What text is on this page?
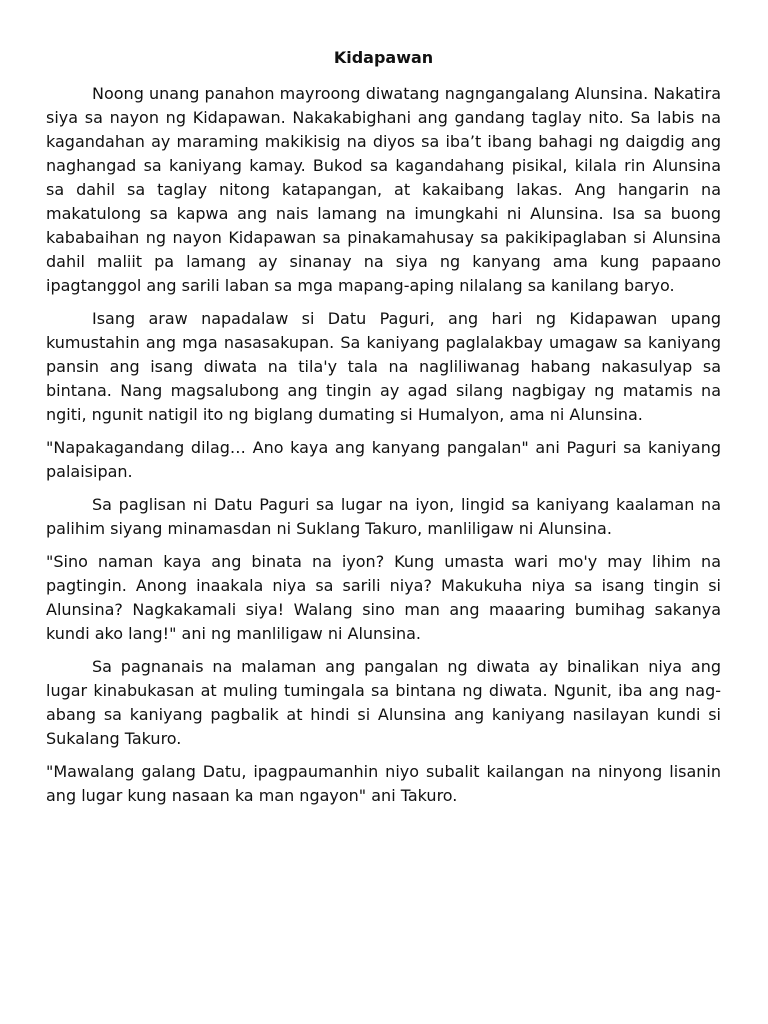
Kidapawan

Noong unang panahon mayroong diwatang nagngangalang Alunsina. Nakatira siya sa nayon ng Kidapawan. Nakakabighani ang gandang taglay nito. Sa labis na kagandahan ay maraming makikisig na diyos sa iba’t ibang bahagi ng daigdig ang naghangad sa kaniyang kamay. Bukod sa kagandahang pisikal, kilala rin Alunsina sa dahil sa taglay nitong katapangan, at kakaibang lakas. Ang hangarin na makatulong sa kapwa ang nais lamang na imungkahi ni Alunsina. Isa sa buong kababaihan ng nayon Kidapawan sa pinakamahusay sa pakikipaglaban si Alunsina dahil maliit pa lamang ay sinanay na siya ng kanyang ama kung papaano ipagtanggol ang sarili laban sa mga mapang-aping nilalang sa kanilang baryo.

Isang araw napadalaw si Datu Paguri, ang hari ng Kidapawan upang kumustahin ang mga nasasakupan. Sa kaniyang paglalakbay umagaw sa kaniyang pansin ang isang diwata na tila'y tala na nagliliwanag habang nakasulyap sa bintana. Nang magsalubong ang tingin ay agad silang nagbigay ng matamis na ngiti, ngunit natigil ito ng biglang dumating si Humalyon, ama ni Alunsina.

"Napakagandang dilag… Ano kaya ang kanyang pangalan" ani Paguri sa kaniyang palaisipan.

Sa paglisan ni Datu Paguri sa lugar na iyon, lingid sa kaniyang kaalaman na palihim siyang minamasdan ni Suklang Takuro, manliligaw ni Alunsina.

"Sino naman kaya ang binata na iyon? Kung umasta wari mo'y may lihim na pagtingin. Anong inaakala niya sa sarili niya? Makukuha niya sa isang tingin si Alunsina? Nagkakamali siya! Walang sino man ang maaaring bumihag sakanya kundi ako lang!" ani ng manliligaw ni Alunsina.

Sa pagnanais na malaman ang pangalan ng diwata ay binalikan niya ang lugar kinabukasan at muling tumingala sa bintana ng diwata. Ngunit, iba ang nag-abang sa kaniyang pagbalik at hindi si Alunsina ang kaniyang nasilayan kundi si Sukalang Takuro.

"Mawalang galang Datu, ipagpaumanhin niyo subalit kailangan na ninyong lisanin ang lugar kung nasaan ka man ngayon" ani Takuro.
